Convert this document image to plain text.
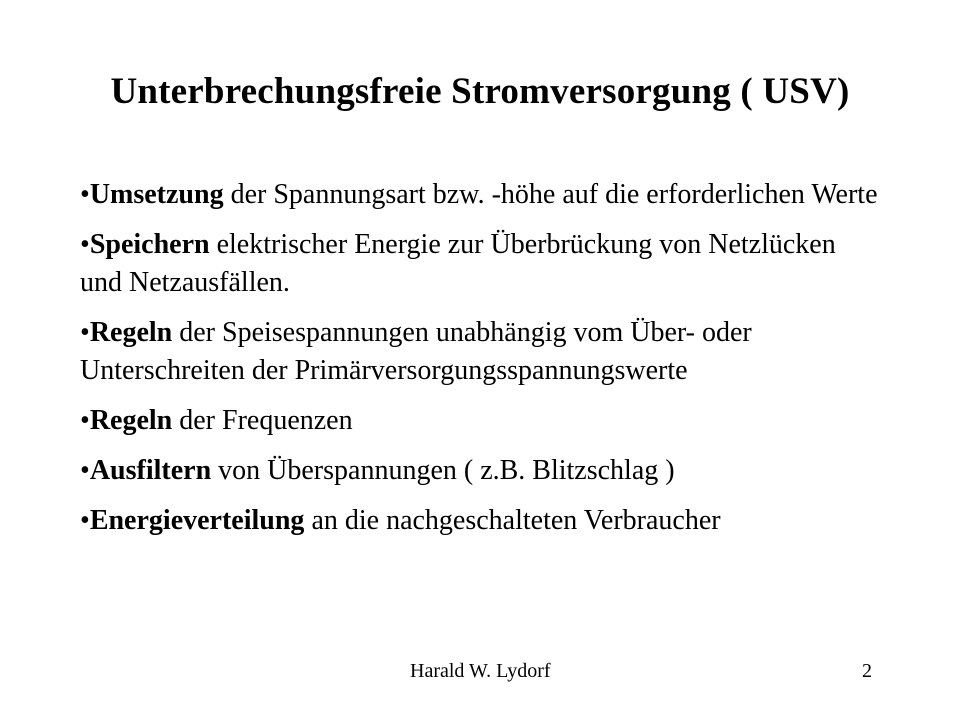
Unterbrechungsfreie Stromversorgung ( USV)
•Umsetzung der Spannungsart bzw. -höhe auf die erforderlichen Werte
•Speichern elektrischer Energie zur Überbrückung von Netzlücken und Netzausfällen.
•Regeln der Speisespannungen unabhängig vom Über- oder Unterschreiten der Primärversorgungsspannungswerte
•Regeln der Frequenzen
•Ausfiltern von Überspannungen ( z.B. Blitzschlag )
•Energieverteilung an die nachgeschalteten Verbraucher
Harald W. Lydorf	2
